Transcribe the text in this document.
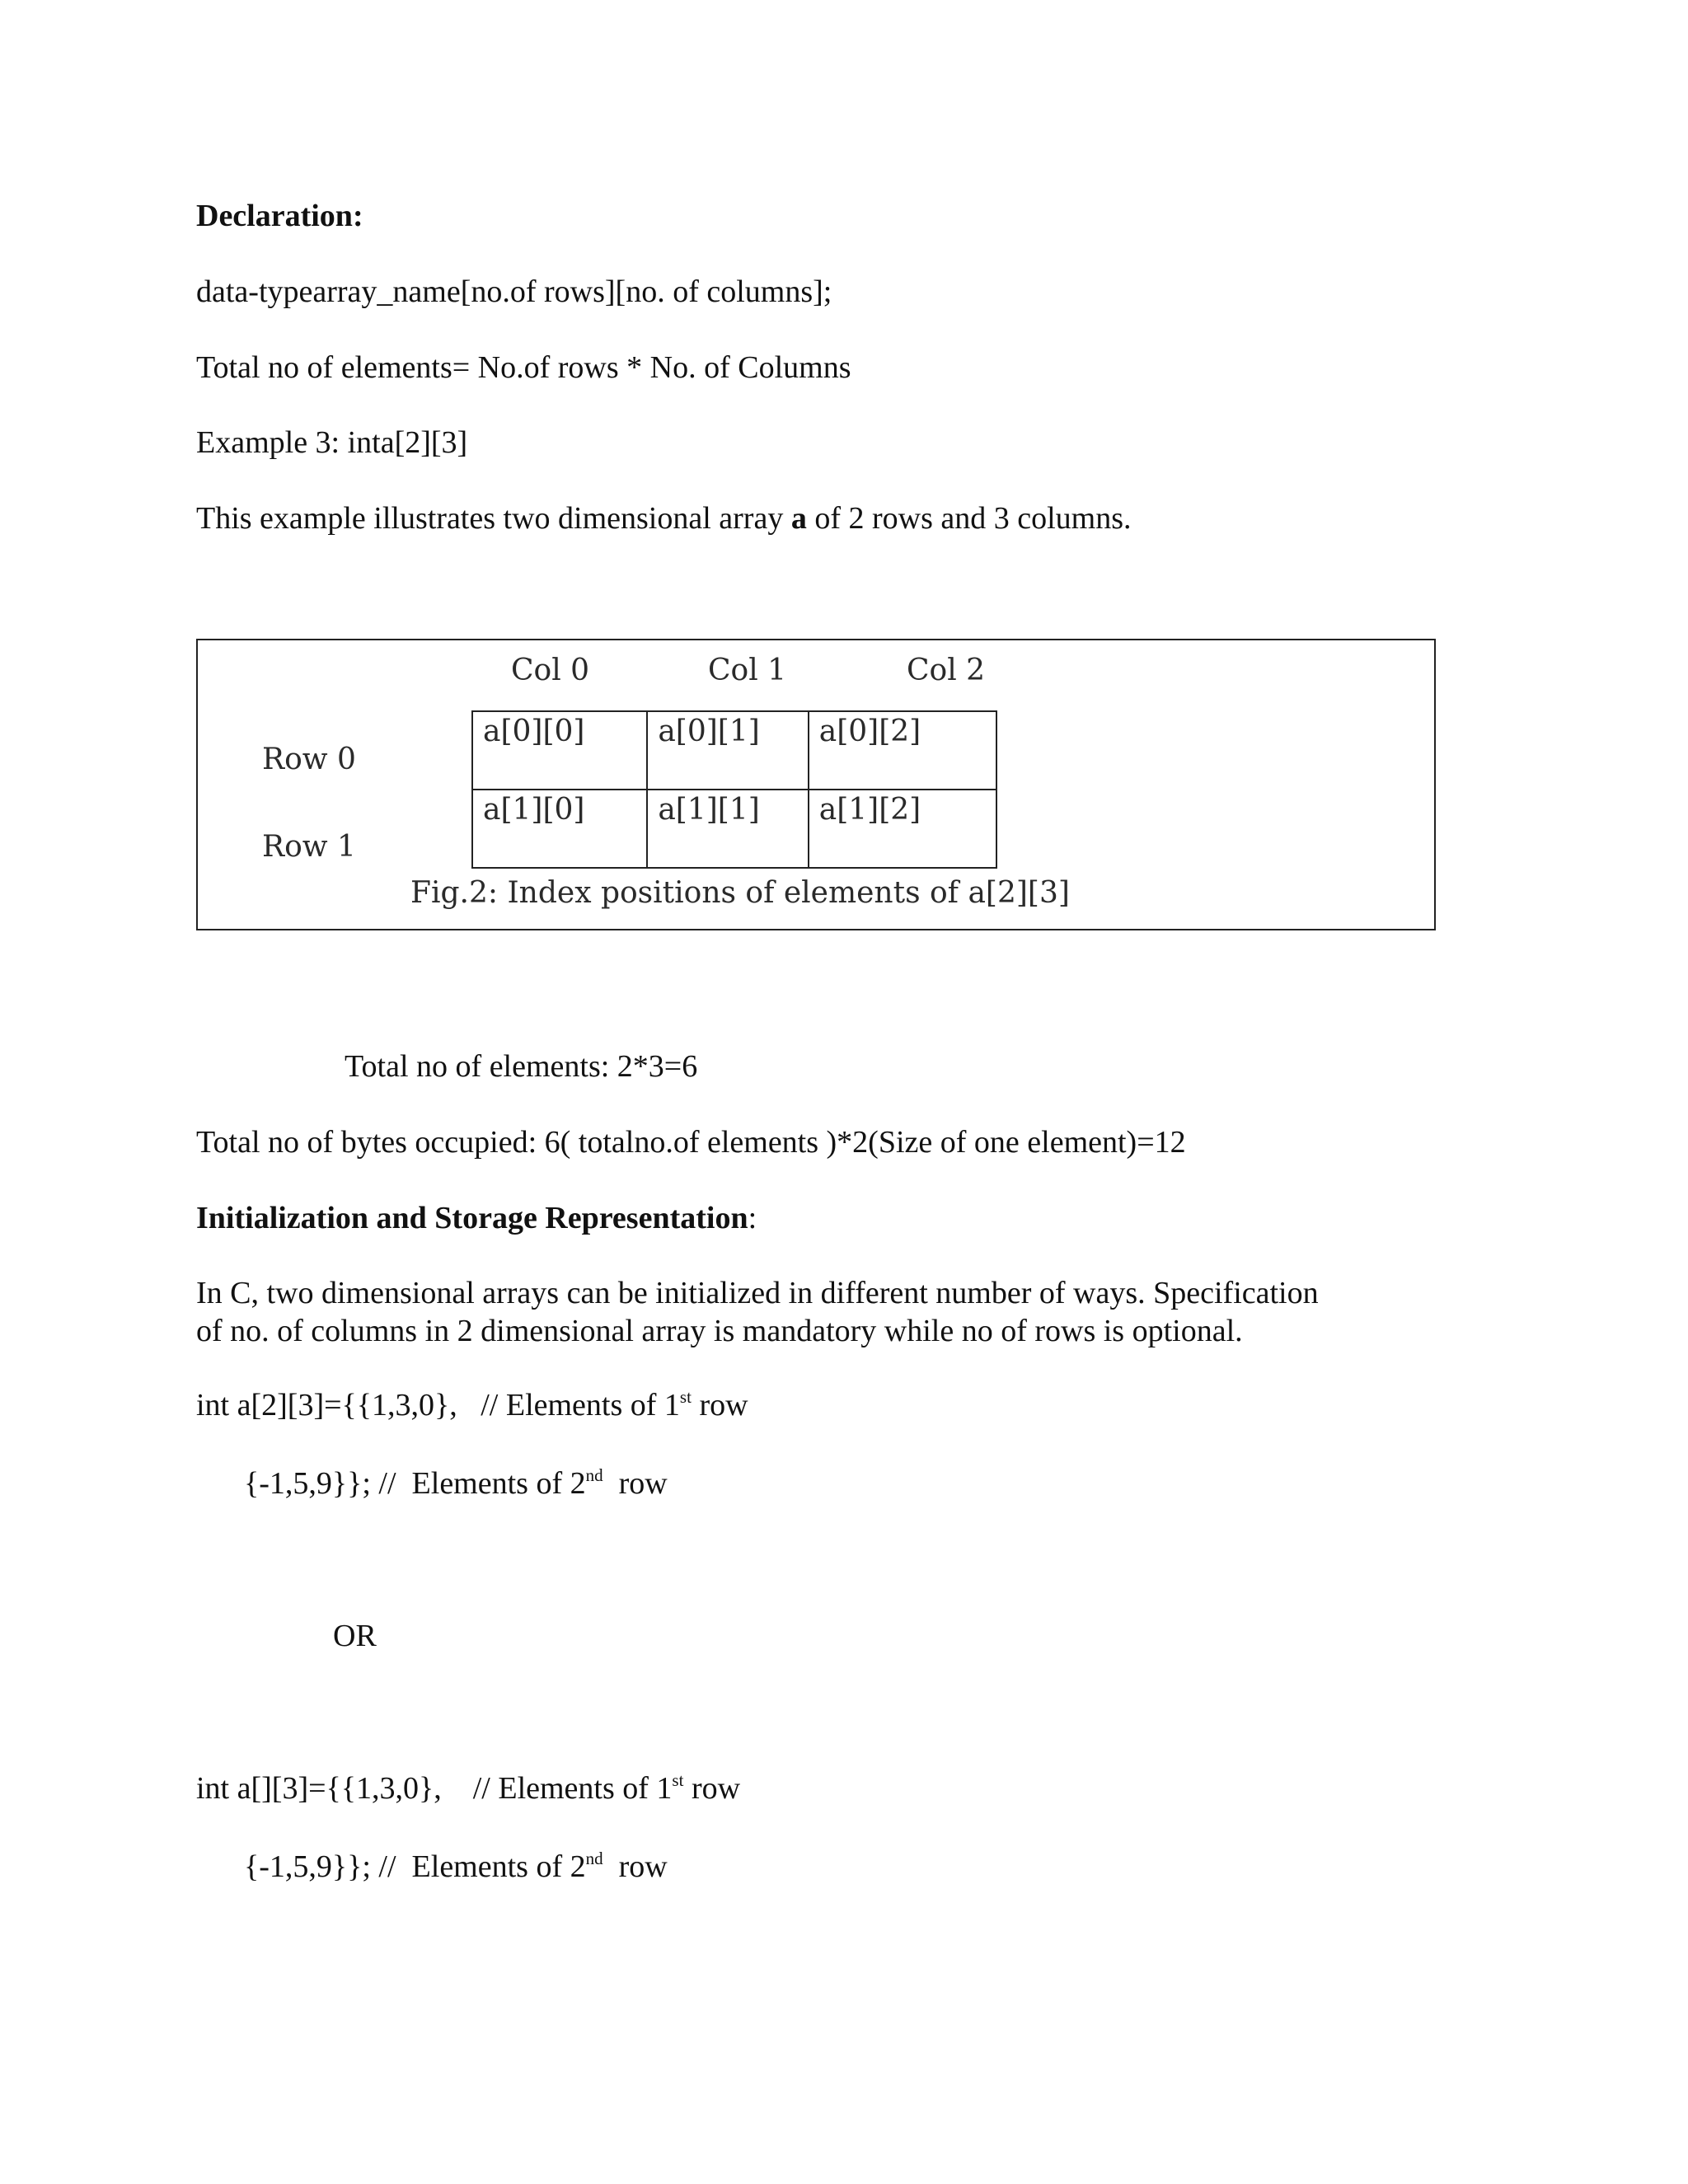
Declaration:
data-typearray_name[no.of rows][no. of columns];
Total no of elements= No.of rows * No. of Columns
Example 3: inta[2][3]
This example illustrates two dimensional array a of 2 rows and 3 columns.
Col 0	Col 1	Col 2
Row 0
Row 1
a[0][0]	a[0][1]	a[0][2]
a[1][0]	a[1][1]	a[1][2]
Fig.2: Index positions of elements of a[2][3]
Total no of elements: 2*3=6
Total no of bytes occupied: 6( totalno.of elements )*2(Size of one element)=12
Initialization and Storage Representation:
In C, two dimensional arrays can be initialized in different number of ways. Specification
of no. of columns in 2 dimensional array is mandatory while no of rows is optional.
int a[2][3]={{1,3,0},   // Elements of 1st row
{-1,5,9}}; //  Elements of 2nd  row
OR
int a[][3]={{1,3,0},    // Elements of 1st row
{-1,5,9}}; //  Elements of 2nd  row
